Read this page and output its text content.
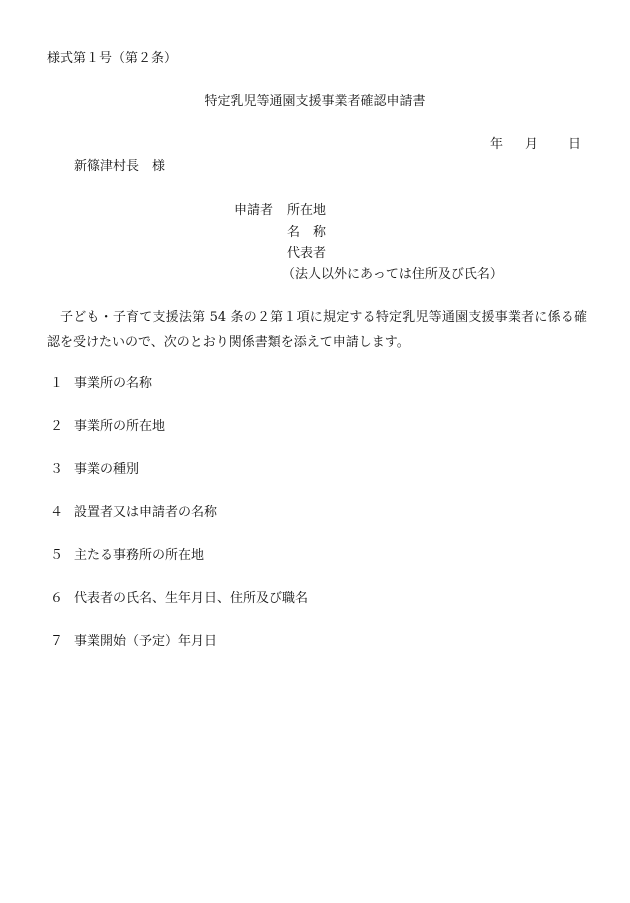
様式第１号（第２条）
特定乳児等通園支援事業者確認申請書
年 月 日
新篠津村長　様
申請者 所在地
名　称
代表者
（法人以外にあっては住所及び氏名）
子ども・子育て支援法第 54 条の２第１項に規定する特定乳児等通園支援事業者に係る確認を受けたいので、次のとおり関係書類を添えて申請します。
１ 事業所の名称
２ 事業所の所在地
３ 事業の種別
４ 設置者又は申請者の名称
５ 主たる事務所の所在地
６ 代表者の氏名、生年月日、住所及び職名
７ 事業開始（予定）年月日
